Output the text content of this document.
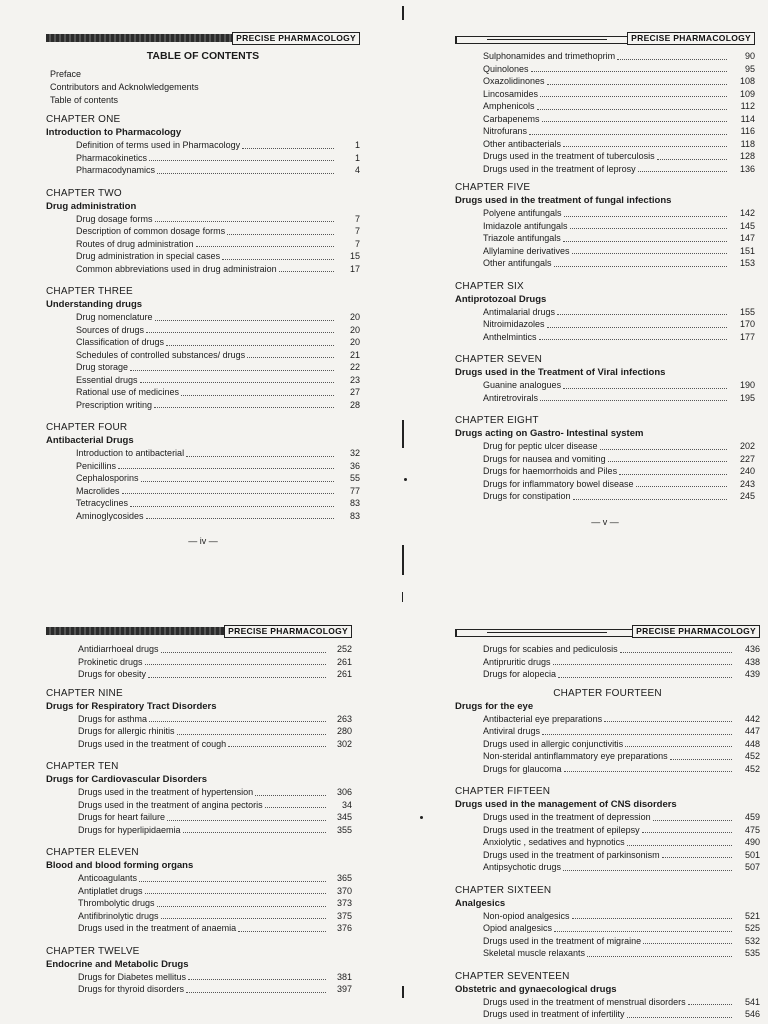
PRECISE PHARMACOLOGY
TABLE OF CONTENTS
Preface
Contributors and Acknolwledgements
Table of contents
CHAPTER ONE
Introduction to Pharmacology
Definition of terms used in Pharmacology	1
Pharmacokinetics	1
Pharmacodynamics	4
CHAPTER TWO
Drug administration
Drug dosage forms	7
Description of common dosage forms	7
Routes of drug administration	7
Drug administration in special cases	15
Common abbreviations used in drug administraion	17
CHAPTER THREE
Understanding drugs
Drug nomenclature	20
Sources of drugs	20
Classification of drugs	20
Schedules of controlled substances/ drugs	21
Drug storage	22
Essential drugs	23
Rational use of medicines	27
Prescription writing	28
CHAPTER FOUR
Antibacterial Drugs
Introduction to antibacterial	32
Penicillins	36
Cephalosporins	55
Macrolides	77
Tetracyclines	83
Aminoglycosides	83
— iv —
PRECISE PHARMACOLOGY
Sulphonamides and trimethoprim	90
Quinolones	95
Oxazolidinones	108
Lincosamides	109
Amphenicols	112
Carbapenems	114
Nitrofurans	116
Other antibacterials	118
Drugs used in the treatment of tuberculosis	128
Drugs used in the treatment of leprosy	136
CHAPTER FIVE
Drugs used in the treatment of fungal infections
Polyene antifungals	142
Imidazole antifungals	145
Triazole antifungals	147
Allylamine derivatives	151
Other antifungals	153
CHAPTER SIX
Antiprotozoal Drugs
Antimalarial drugs	155
Nitroimidazoles	170
Anthelmintics	177
CHAPTER SEVEN
Drugs used in the Treatment of Viral infections
Guanine analogues	190
Antiretrovirals	195
CHAPTER EIGHT
Drugs acting on Gastro- Intestinal system
Drug for peptic ulcer disease	202
Drugs for nausea and vomiting	227
Drugs for haemorrhoids and Piles	240
Drugs for inflammatory bowel disease	243
Drugs for constipation	245
— v —
PRECISE PHARMACOLOGY
Antidiarrhoeal drugs	252
Prokinetic drugs	261
Drugs for obesity	261
CHAPTER NINE
Drugs for Respiratory Tract Disorders
Drugs for asthma	263
Drugs for allergic rhinitis	280
Drugs used in the treatment of cough	302
CHAPTER TEN
Drugs for Cardiovascular Disorders
Drugs used in the treatment of hypertension	306
Drugs used in the treatment of angina pectoris	34
Drugs for heart failure	345
Drugs for hyperlipidaemia	355
CHAPTER ELEVEN
Blood and blood forming organs
Anticoagulants	365
Antiplatlet drugs	370
Thrombolytic drugs	373
Antifibrinolytic drugs	375
Drugs used in the treatment of anaemia	376
CHAPTER TWELVE
Endocrine and Metabolic Drugs
Drugs for Diabetes mellitus	381
Drugs for thyroid disorders	397
PRECISE PHARMACOLOGY
Drugs for scabies and pediculosis	436
Antipruritic drugs	438
Drugs for alopecia	439
CHAPTER FOURTEEN
Drugs for the eye
Antibacterial eye preparations	442
Antiviral drugs	447
Drugs used in allergic conjunctivitis	448
Non-steridal antinflammatory eye preparations	452
Drugs for glaucoma	452
CHAPTER FIFTEEN
Drugs used in the management of CNS disorders
Drugs used in the treatment of depression	459
Drugs used in the treatment of epilepsy	475
Anxiolytic , sedatives and hypnotics	490
Drugs used in the treatment of parkinsonism	501
Antipsychotic drugs	507
CHAPTER SIXTEEN
Analgesics
Non-opiod analgesics	521
Opiod analgesics	525
Drugs used in the treatment of migraine	532
Skeletal muscle relaxants	535
CHAPTER SEVENTEEN
Obstetric and gynaecological drugs
Drugs used in the treatment of menstrual disorders	541
Drugs used in treatment of infertility	546
